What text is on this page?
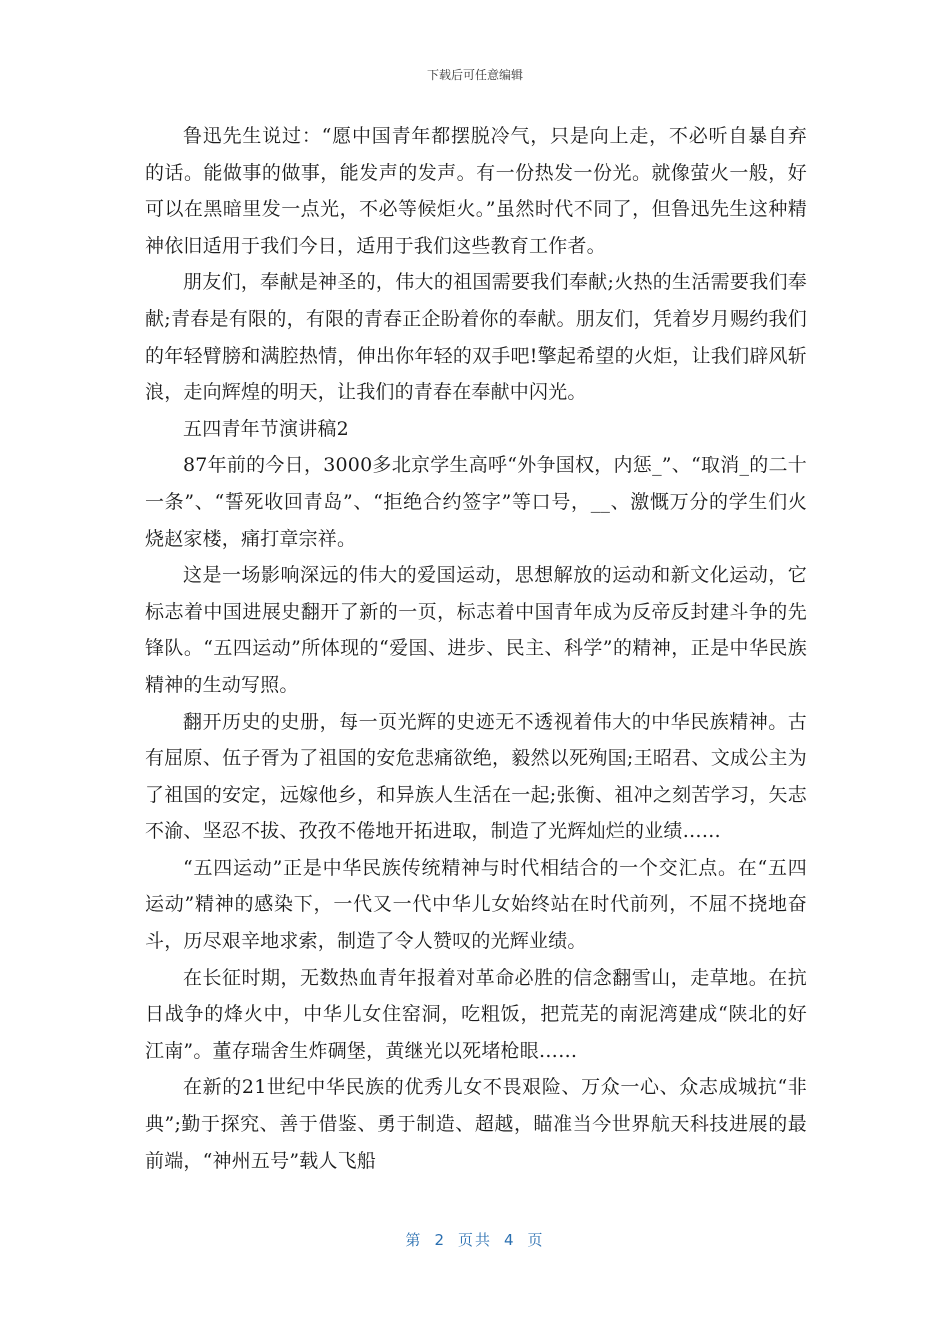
下载后可任意编辑

鲁迅先生说过：“愿中国青年都摆脱冷气，只是向上走，不必听自暴自弃的话。能做事的做事，能发声的发声。有一份热发一份光。就像萤火一般，好可以在黑暗里发一点光，不必等候炬火。”虽然时代不同了，但鲁迅先生这种精神依旧适用于我们今日，适用于我们这些教育工作者。

朋友们，奉献是神圣的，伟大的祖国需要我们奉献;火热的生活需要我们奉献;青春是有限的，有限的青春正企盼着你的奉献。朋友们，凭着岁月赐约我们的年轻臂膀和满腔热情，伸出你年轻的双手吧!擎起希望的火炬，让我们辟风斩浪，走向辉煌的明天，让我们的青春在奉献中闪光。

五四青年节演讲稿2

87年前的今日，3000多北京学生高呼“外争国权，内惩_”、“取消_的二十一条”、“誓死收回青岛”、“拒绝合约签字”等口号，__、激慨万分的学生们火烧赵家楼，痛打章宗祥。

这是一场影响深远的伟大的爱国运动，思想解放的运动和新文化运动，它标志着中国进展史翻开了新的一页，标志着中国青年成为反帝反封建斗争的先锋队。“五四运动”所体现的“爱国、进步、民主、科学”的精神，正是中华民族精神的生动写照。

翻开历史的史册，每一页光辉的史迹无不透视着伟大的中华民族精神。古有屈原、伍子胥为了祖国的安危悲痛欲绝，毅然以死殉国;王昭君、文成公主为了祖国的安定，远嫁他乡，和异族人生活在一起;张衡、祖冲之刻苦学习，矢志不渝、坚忍不拔、孜孜不倦地开拓进取，制造了光辉灿烂的业绩……

“五四运动”正是中华民族传统精神与时代相结合的一个交汇点。在“五四运动”精神的感染下，一代又一代中华儿女始终站在时代前列，不屈不挠地奋斗，历尽艰辛地求索，制造了令人赞叹的光辉业绩。

在长征时期，无数热血青年报着对革命必胜的信念翻雪山，走草地。在抗日战争的烽火中，中华儿女住窑洞，吃粗饭，把荒芜的南泥湾建成“陕北的好江南”。董存瑞舍生炸碉堡，黄继光以死堵枪眼……

在新的21世纪中华民族的优秀儿女不畏艰险、万众一心、众志成城抗“非典”;勤于探究、善于借鉴、勇于制造、超越，瞄准当今世界航天科技进展的最前端，“神州五号”载人飞船

第 2 页共 4 页
